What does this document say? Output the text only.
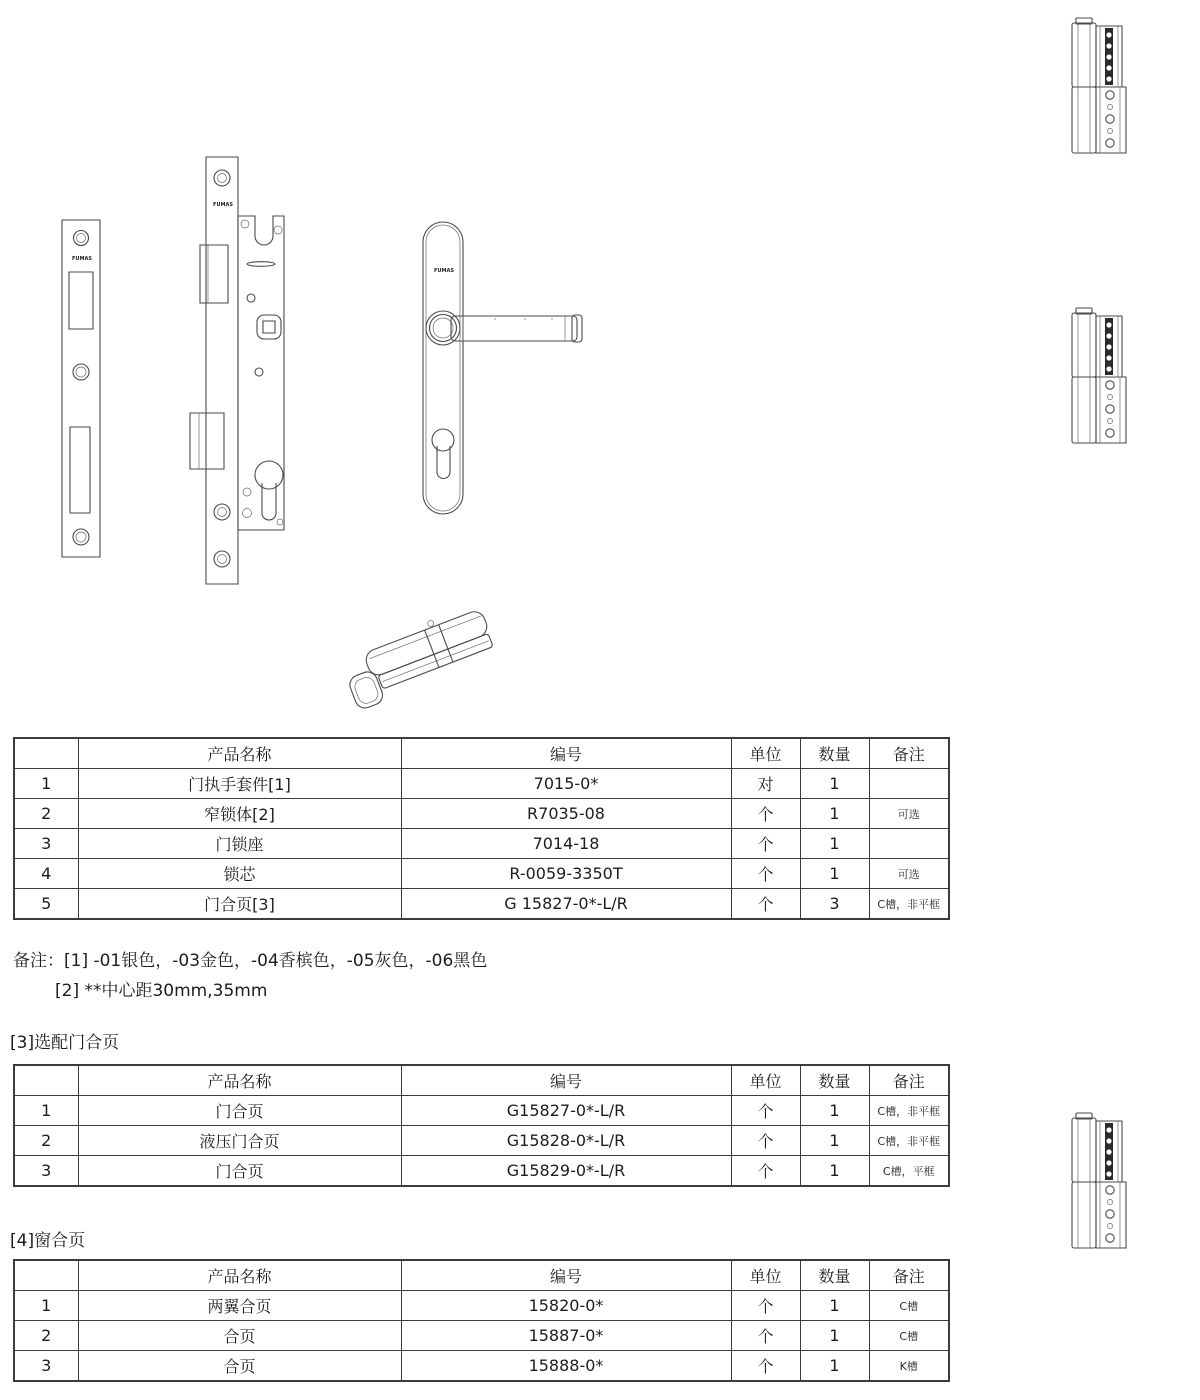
FUMAS
FUMAS
FUMAS
	产品名称	编号	单位	数量	备注
1	门执手套件[1]	7015-0*	对	1	
2	窄锁体[2]	R7035-08	个	1	可选
3	门锁座	7014-18	个	1	
4	锁芯	R-0059-3350T	个	1	可选
5	门合页[3]	G 15827-0*-L/R	个	3	C槽，非平框
备注：[1] -01银色，-03金色，-04香槟色，-05灰色，-06黑色
[2] **中心距30mm,35mm
[3]选配门合页
	产品名称	编号	单位	数量	备注
1	门合页	G15827-0*-L/R	个	1	C槽，非平框
2	液压门合页	G15828-0*-L/R	个	1	C槽，非平框
3	门合页	G15829-0*-L/R	个	1	C槽，平框
[4]窗合页
	产品名称	编号	单位	数量	备注
1	两翼合页	15820-0*	个	1	C槽
2	合页	15887-0*	个	1	C槽
3	合页	15888-0*	个	1	K槽
